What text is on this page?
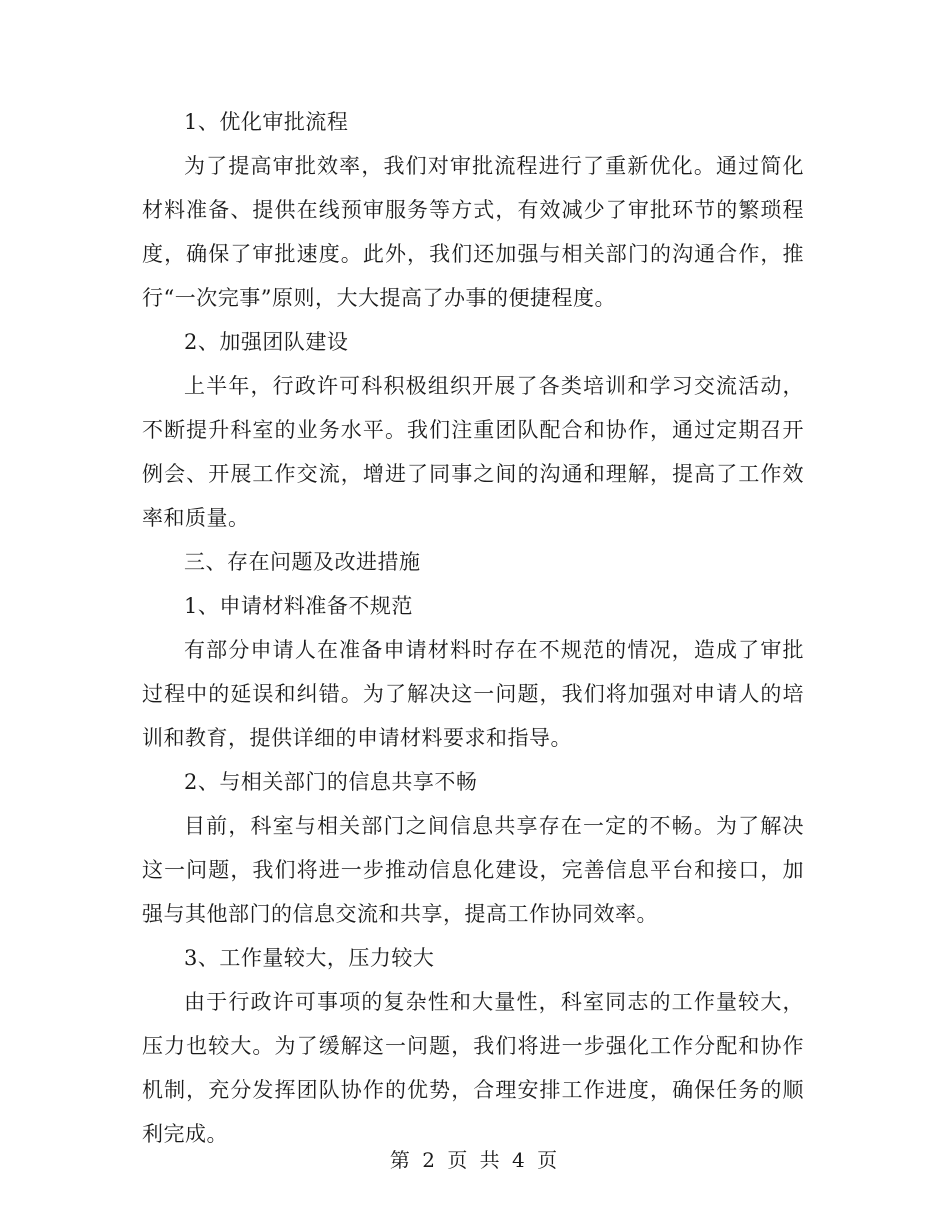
1、优化审批流程

为了提高审批效率，我们对审批流程进行了重新优化。通过简化材料准备、提供在线预审服务等方式，有效减少了审批环节的繁琐程度，确保了审批速度。此外，我们还加强与相关部门的沟通合作，推行“一次完事”原则，大大提高了办事的便捷程度。

2、加强团队建设

上半年，行政许可科积极组织开展了各类培训和学习交流活动，不断提升科室的业务水平。我们注重团队配合和协作，通过定期召开例会、开展工作交流，增进了同事之间的沟通和理解，提高了工作效率和质量。

三、存在问题及改进措施

1、申请材料准备不规范

有部分申请人在准备申请材料时存在不规范的情况，造成了审批过程中的延误和纠错。为了解决这一问题，我们将加强对申请人的培训和教育，提供详细的申请材料要求和指导。

2、与相关部门的信息共享不畅

目前，科室与相关部门之间信息共享存在一定的不畅。为了解决这一问题，我们将进一步推动信息化建设，完善信息平台和接口，加强与其他部门的信息交流和共享，提高工作协同效率。

3、工作量较大，压力较大

由于行政许可事项的复杂性和大量性，科室同志的工作量较大，压力也较大。为了缓解这一问题，我们将进一步强化工作分配和协作机制，充分发挥团队协作的优势，合理安排工作进度，确保任务的顺利完成。

第 2 页 共 4 页
